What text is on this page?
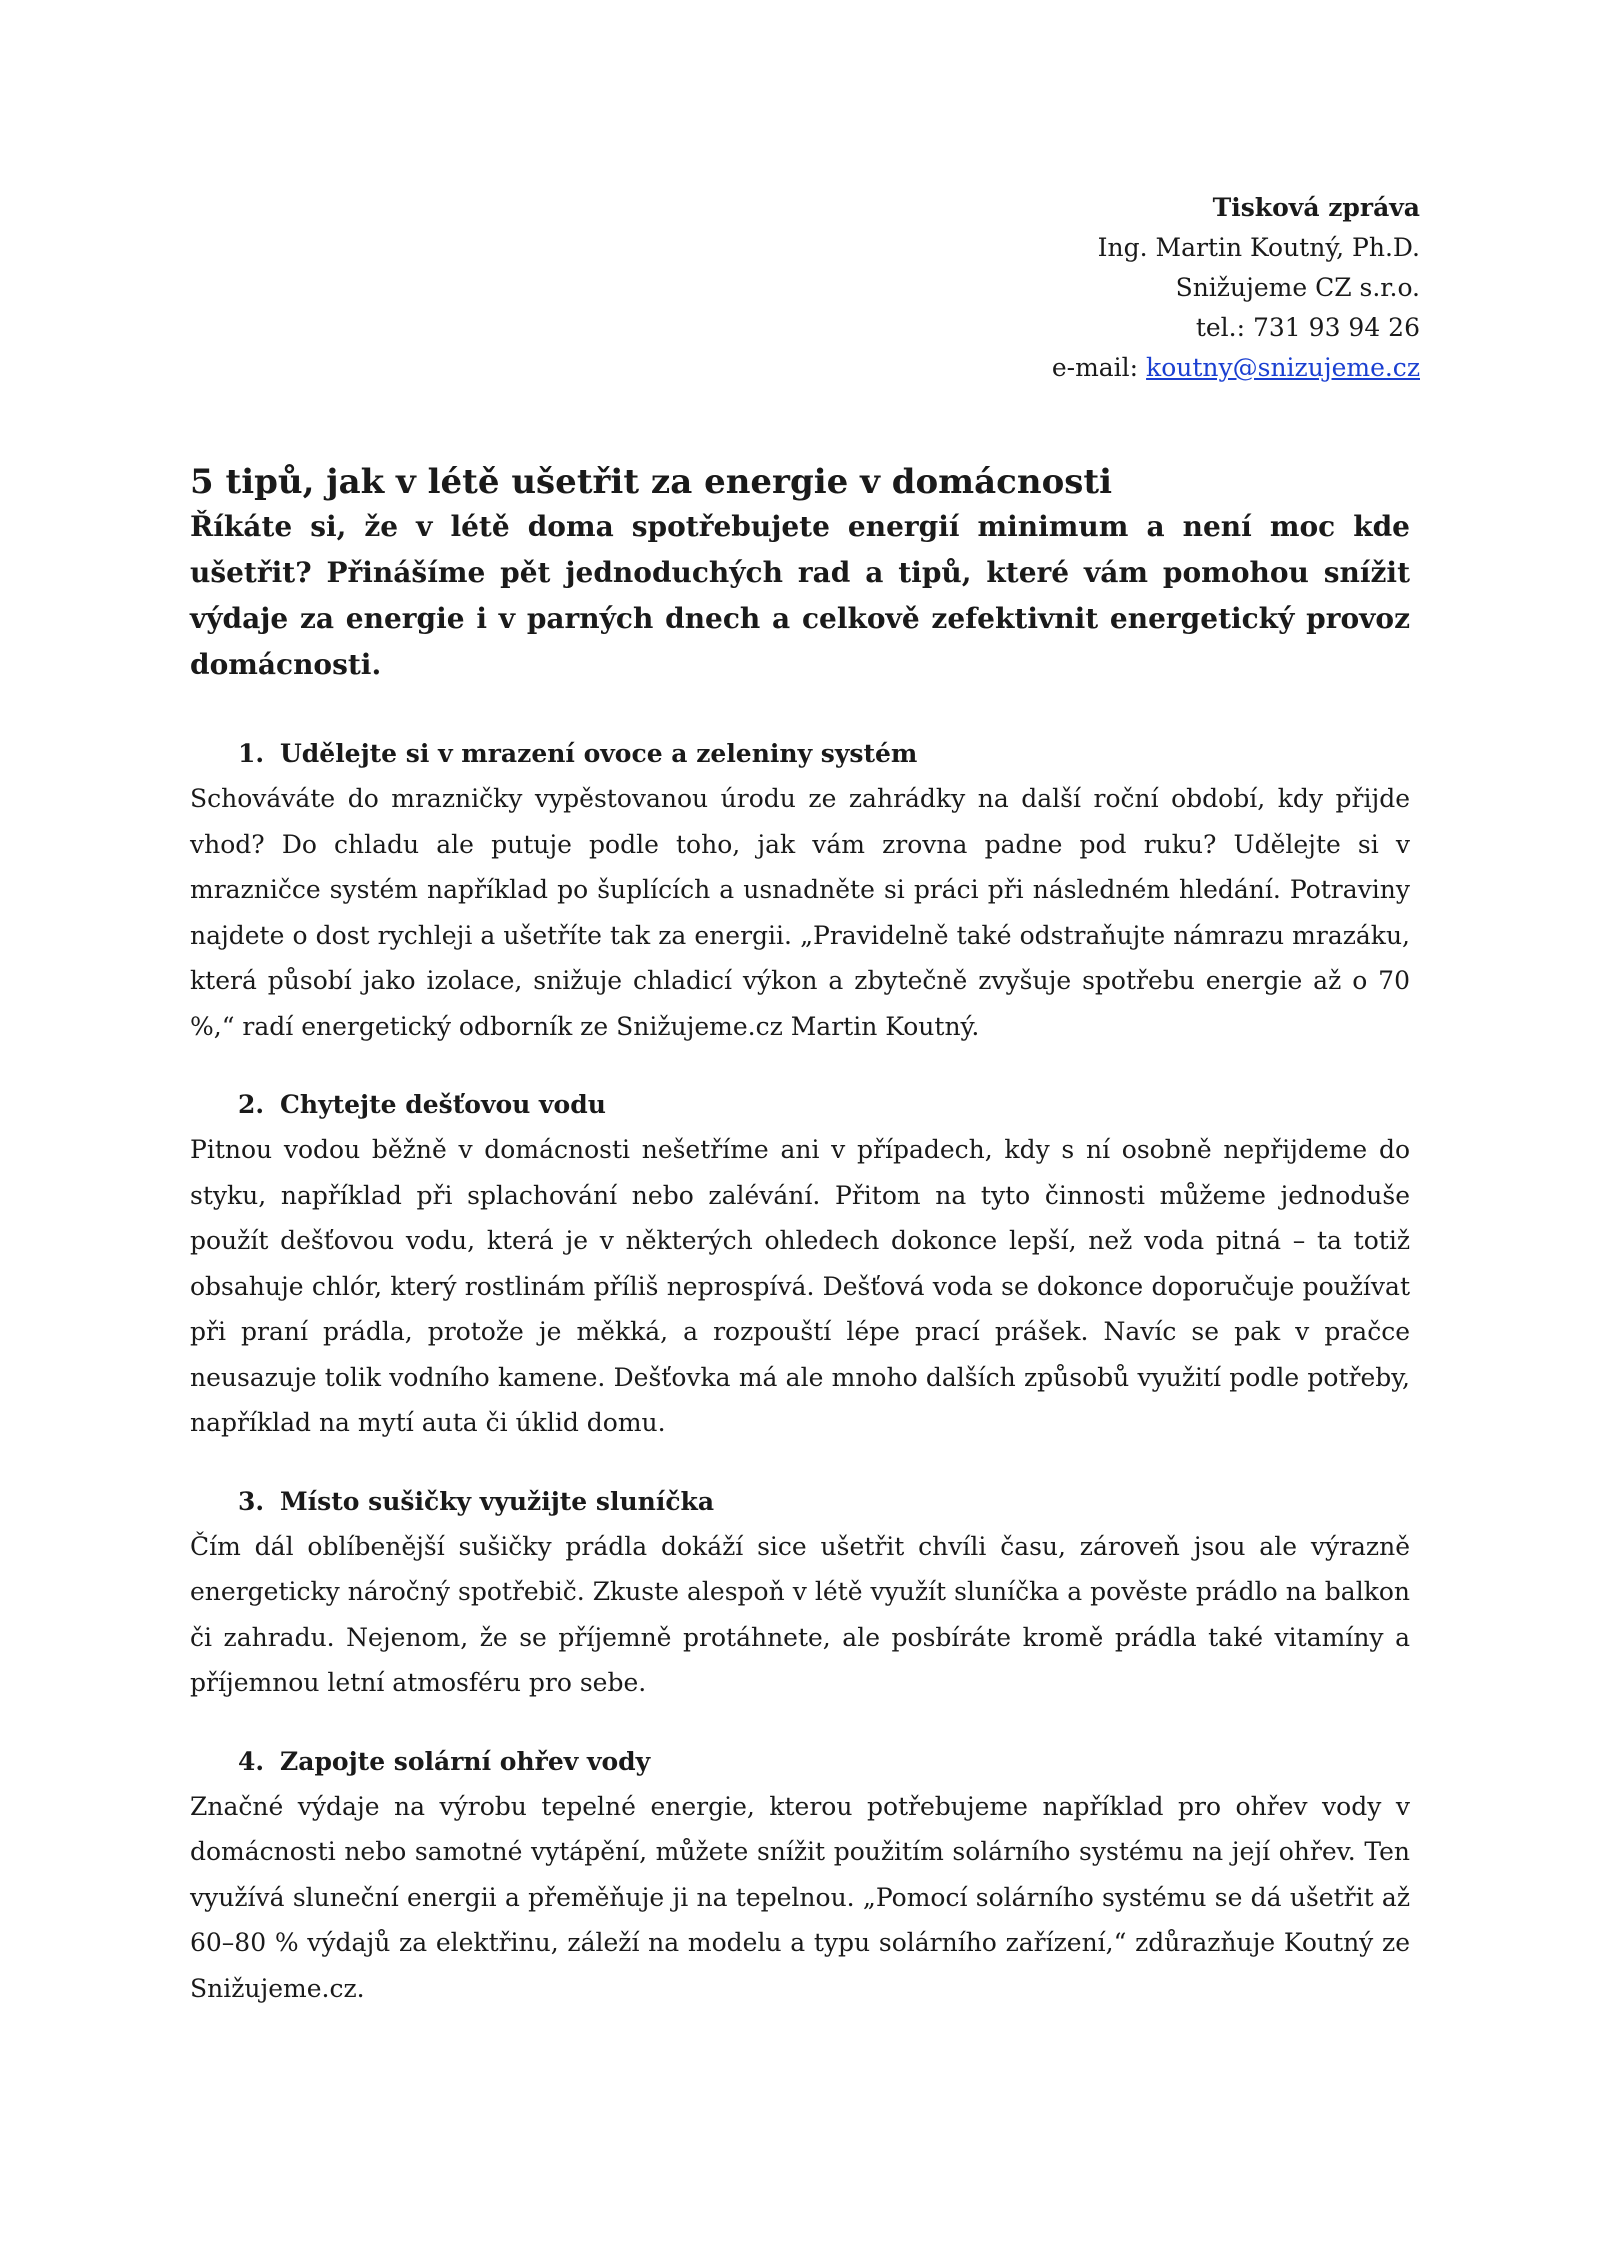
Tisková zpráva
Ing. Martin Koutný, Ph.D.
Snižujeme CZ s.r.o.
tel.: 731 93 94 26
e-mail: koutny@snizujeme.cz
5 tipů, jak v létě ušetřit za energie v domácnosti

Říkáte si, že v létě doma spotřebujete energií minimum a není moc kde ušetřit? Přinášíme pět jednoduchých rad a tipů, které vám pomohou snížit výdaje za energie i v parných dnech a celkově zefektivnit energetický provoz domácnosti.

1. Udělejte si v mrazení ovoce a zeleniny systém

Schováváte do mrazničky vypěstovanou úrodu ze zahrádky na další roční období, kdy přijde vhod? Do chladu ale putuje podle toho, jak vám zrovna padne pod ruku? Udělejte si v mrazničce systém například po šuplících a usnadněte si práci při následném hledání. Potraviny najdete o dost rychleji a ušetříte tak za energii. „Pravidelně také odstraňujte námrazu mrazáku, která působí jako izolace, snižuje chladicí výkon a zbytečně zvyšuje spotřebu energie až o 70 %,“ radí energetický odborník ze Snižujeme.cz Martin Koutný.

2. Chytejte dešťovou vodu

Pitnou vodou běžně v domácnosti nešetříme ani v případech, kdy s ní osobně nepřijdeme do styku, například při splachování nebo zalévání. Přitom na tyto činnosti můžeme jednoduše použít dešťovou vodu, která je v některých ohledech dokonce lepší, než voda pitná – ta totiž obsahuje chlór, který rostlinám příliš neprospívá. Dešťová voda se dokonce doporučuje používat při praní prádla, protože je měkká, a rozpouští lépe prací prášek. Navíc se pak v pračce neusazuje tolik vodního kamene. Dešťovka má ale mnoho dalších způsobů využití podle potřeby, například na mytí auta či úklid domu.

3. Místo sušičky využijte sluníčka

Čím dál oblíbenější sušičky prádla dokáží sice ušetřit chvíli času, zároveň jsou ale výrazně energeticky náročný spotřebič. Zkuste alespoň v létě využít sluníčka a pověste prádlo na balkon či zahradu. Nejenom, že se příjemně protáhnete, ale posbíráte kromě prádla také vitamíny a příjemnou letní atmosféru pro sebe.

4. Zapojte solární ohřev vody

Značné výdaje na výrobu tepelné energie, kterou potřebujeme například pro ohřev vody v domácnosti nebo samotné vytápění, můžete snížit použitím solárního systému na její ohřev. Ten využívá sluneční energii a přeměňuje ji na tepelnou. „Pomocí solárního systému se dá ušetřit až 60–80 % výdajů za elektřinu, záleží na modelu a typu solárního zařízení,“ zdůrazňuje Koutný ze Snižujeme.cz.
